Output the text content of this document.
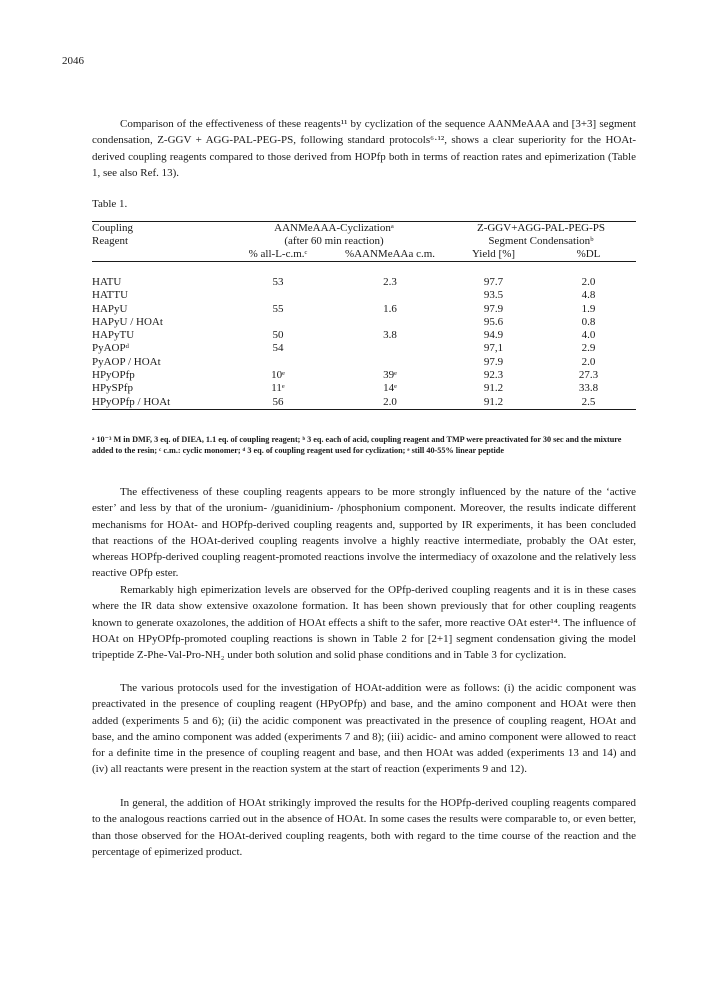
2046

Comparison of the effectiveness of these reagents¹¹ by cyclization of the sequence AANMeAAA and [3+3] segment condensation, Z-GGV + AGG-PAL-PEG-PS, following standard protocols⁶·¹², shows a clear superiority for the HOAt-derived coupling reagents compared to those derived from HOPfp both in terms of reaction rates and epimerization (Table 1, see also Ref. 13).

Table 1.
Coupling	AANMeAAA-Cyclizationᵃ		Z-GGV+AGG-PAL-PEG-PS	
Reagent	(after 60 min reaction)		Segment Condensationᵇ	
	% all-L-c.m.ᶜ	%AANMeAAa c.m.	Yield [%]	%DL

HATU	53	2.3	97.7	2.0
HATTU			93.5	4.8
HAPyU	55	1.6	97.9	1.9
HAPyU / HOAt			95.6	0.8
HAPyTU	50	3.8	94.9	4.0
PyAOPᵈ	54		97,1	2.9
PyAOP / HOAt			97.9	2.0
HPyOPfp	10ᵉ	39ᵉ	92.3	27.3
HPySPfp	11ᵉ	14ᵉ	91.2	33.8
HPyOPfp / HOAt	56	2.0	91.2	2.5

ᵃ 10⁻³ M in DMF, 3 eq. of DIEA, 1.1 eq. of coupling reagent; ᵇ 3 eq. each of acid, coupling reagent and TMP were preactivated for 30 sec and the mixture added to the resin; ᶜ c.m.: cyclic monomer; ᵈ 3 eq. of coupling reagent used for cyclization; ᵉ still 40-55% linear peptide

The effectiveness of these coupling reagents appears to be more strongly influenced by the nature of the ‘active ester’ and less by that of the uronium- /guanidinium- /phosphonium component. Moreover, the results indicate different mechanisms for HOAt- and HOPfp-derived coupling reagents and, supported by IR experiments, it has been concluded that reactions of the HOAt-derived coupling reagents involve a highly reactive intermediate, probably the OAt ester, whereas HOPfp-derived coupling reagent-promoted reactions involve the intermediacy of oxazolone and the relatively less reactive OPfp ester.

Remarkably high epimerization levels are observed for the OPfp-derived coupling reagents and it is in these cases where the IR data show extensive oxazolone formation. It has been shown previously that for other coupling reagents known to generate oxazolones, the addition of HOAt effects a shift to the safer, more reactive OAt ester¹⁴. The influence of HOAt on HPyOPfp-promoted coupling reactions is shown in Table 2 for [2+1] segment condensation giving the model tripeptide Z-Phe-Val-Pro-NH₂ under both solution and solid phase conditions and in Table 3 for cyclization.

The various protocols used for the investigation of HOAt-addition were as follows: (i) the acidic component was preactivated in the presence of coupling reagent (HPyOPfp) and base, and the amino component and HOAt were then added (experiments 5 and 6); (ii) the acidic component was preactivated in the presence of coupling reagent, HOAt and base, and the amino component was added (experiments 7 and 8); (iii) acidic- and amino component were allowed to react for a definite time in the presence of coupling reagent and base, and then HOAt was added (experiments 13 and 14) and (iv) all reactants were present in the reaction system at the start of reaction (experiments 9 and 12).

In general, the addition of HOAt strikingly improved the results for the HOPfp-derived coupling reagents compared to the analogous reactions carried out in the absence of HOAt. In some cases the results were comparable to, or even better, than those observed for the HOAt-derived coupling reagents, both with regard to the time course of the reaction and the percentage of epimerized product.
